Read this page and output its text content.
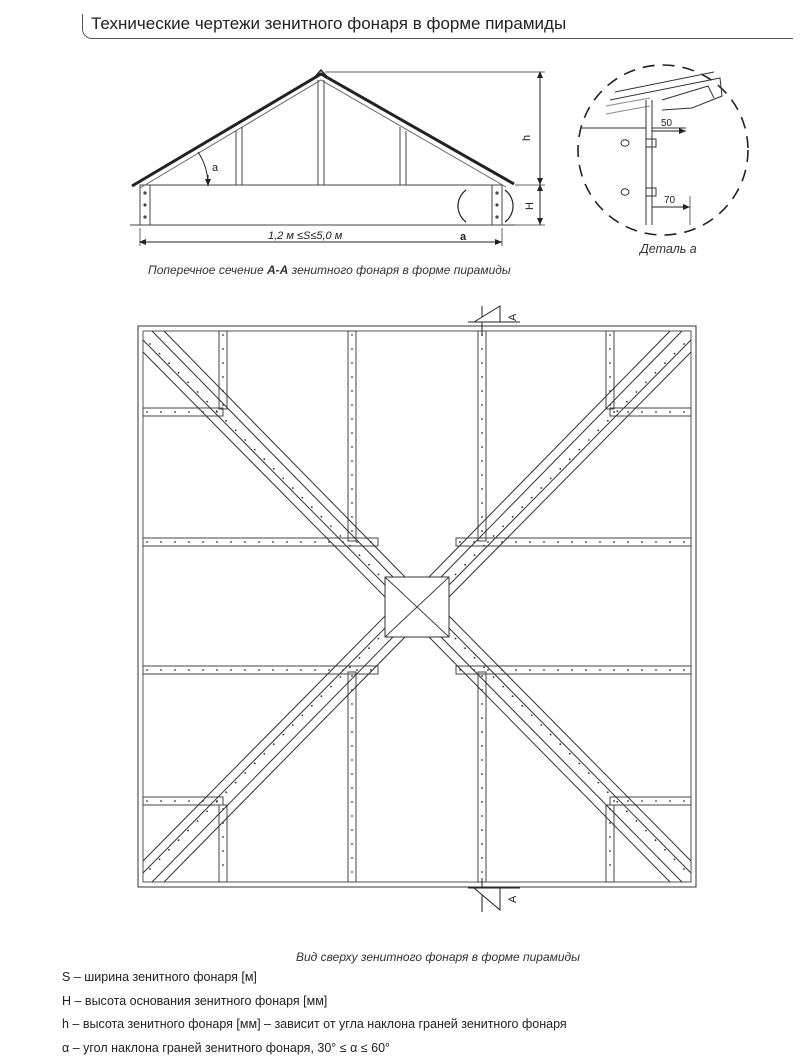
Технические чертежи зенитного фонаря в форме пирамиды
a
h
H
1,2 м ≤S≤5,0 м	a
50
70
A
A
Поперечное сечение A-A зенитного фонаря в форме пирамиды
Деталь a
Вид сверху зенитного фонаря в форме пирамиды
S – ширина зенитного фонаря [м]
H – высота основания зенитного фонаря [мм]
h – высота зенитного фонаря [мм] – зависит от угла наклона граней зенитного фонаря
α – угол наклона граней зенитного фонаря, 30° ≤ α ≤ 60°
